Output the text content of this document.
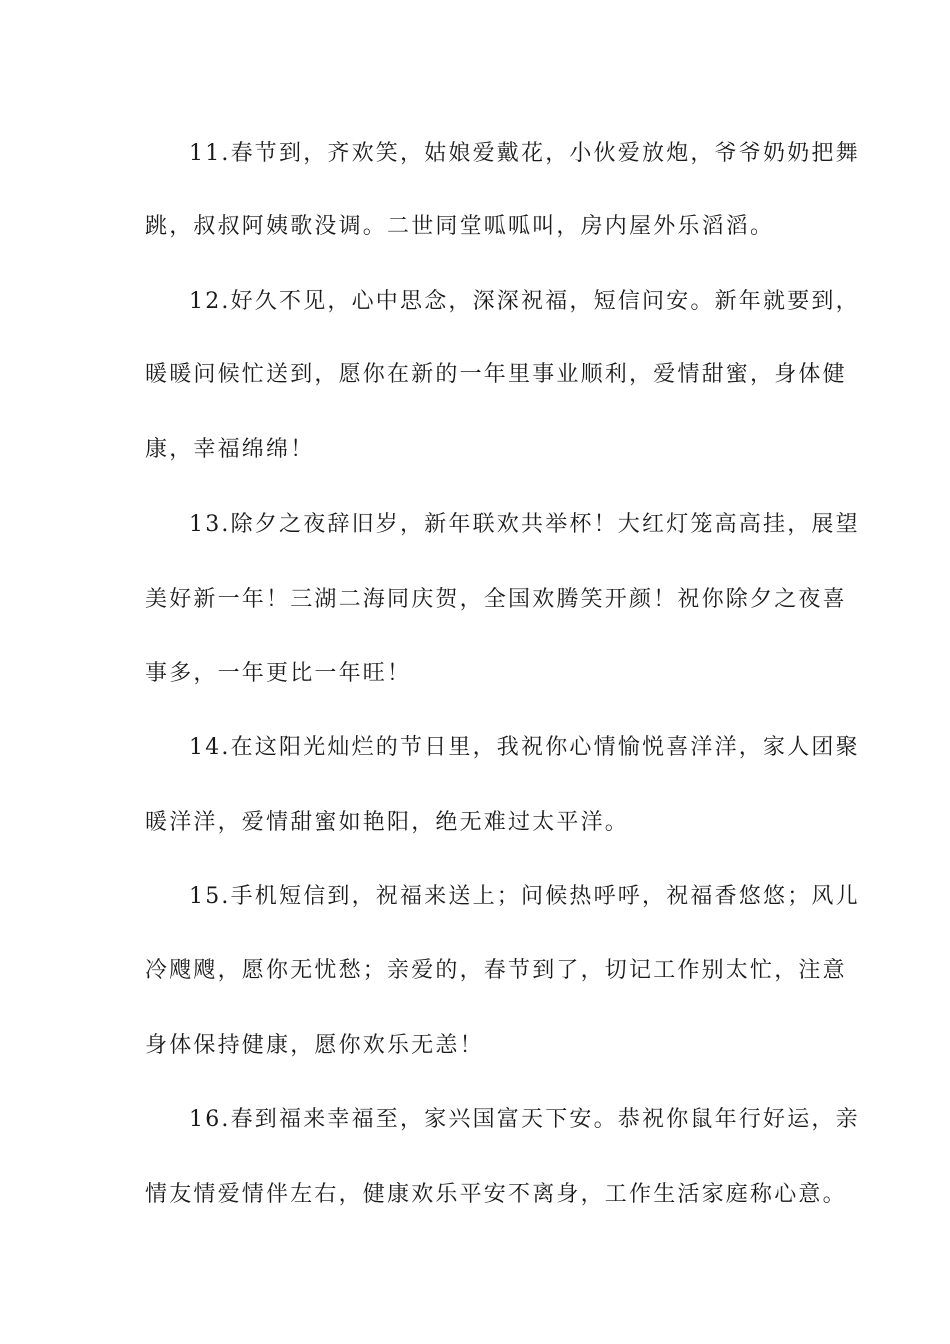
11.春节到，齐欢笑，姑娘爱戴花，小伙爱放炮，爷爷奶奶把舞
跳，叔叔阿姨歌没调。二世同堂呱呱叫，房内屋外乐滔滔。
12.好久不见，心中思念，深深祝福，短信问安。新年就要到，
暖暖问候忙送到，愿你在新的一年里事业顺利，爱情甜蜜，身体健
康，幸福绵绵！
13.除夕之夜辞旧岁，新年联欢共举杯！大红灯笼高高挂，展望
美好新一年！三湖二海同庆贺，全国欢腾笑开颜！祝你除夕之夜喜
事多，一年更比一年旺！
14.在这阳光灿烂的节日里，我祝你心情愉悦喜洋洋，家人团聚
暖洋洋，爱情甜蜜如艳阳，绝无难过太平洋。
15.手机短信到，祝福来送上；问候热呼呼，祝福香悠悠；风儿
冷飕飕，愿你无忧愁；亲爱的，春节到了，切记工作别太忙，注意
身体保持健康，愿你欢乐无恙！
16.春到福来幸福至，家兴国富天下安。恭祝你鼠年行好运，亲
情友情爱情伴左右，健康欢乐平安不离身，工作生活家庭称心意。
